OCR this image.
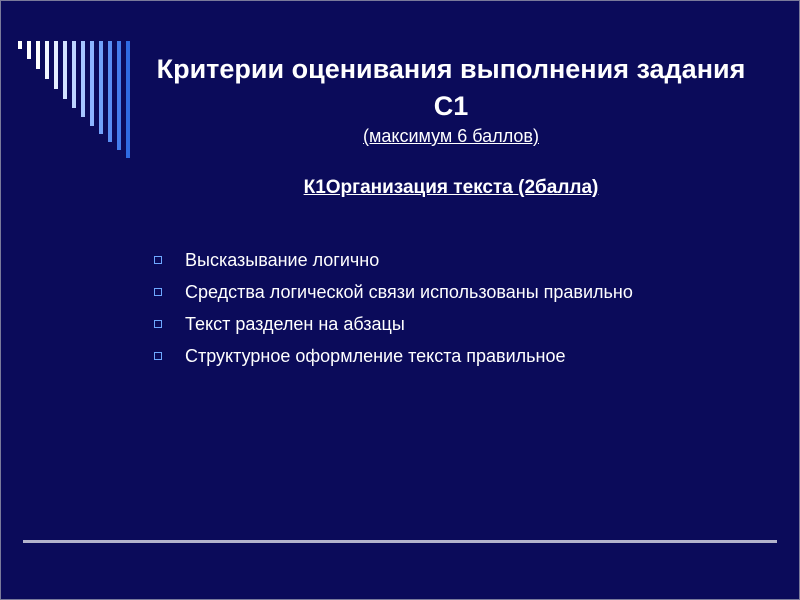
Критерии оценивания выполнения задания С1
(максимум 6 баллов)
К1Организация текста (2балла)
Высказывание логично
Средства логической связи использованы правильно
Текст разделен на абзацы
Структурное оформление текста правильное
